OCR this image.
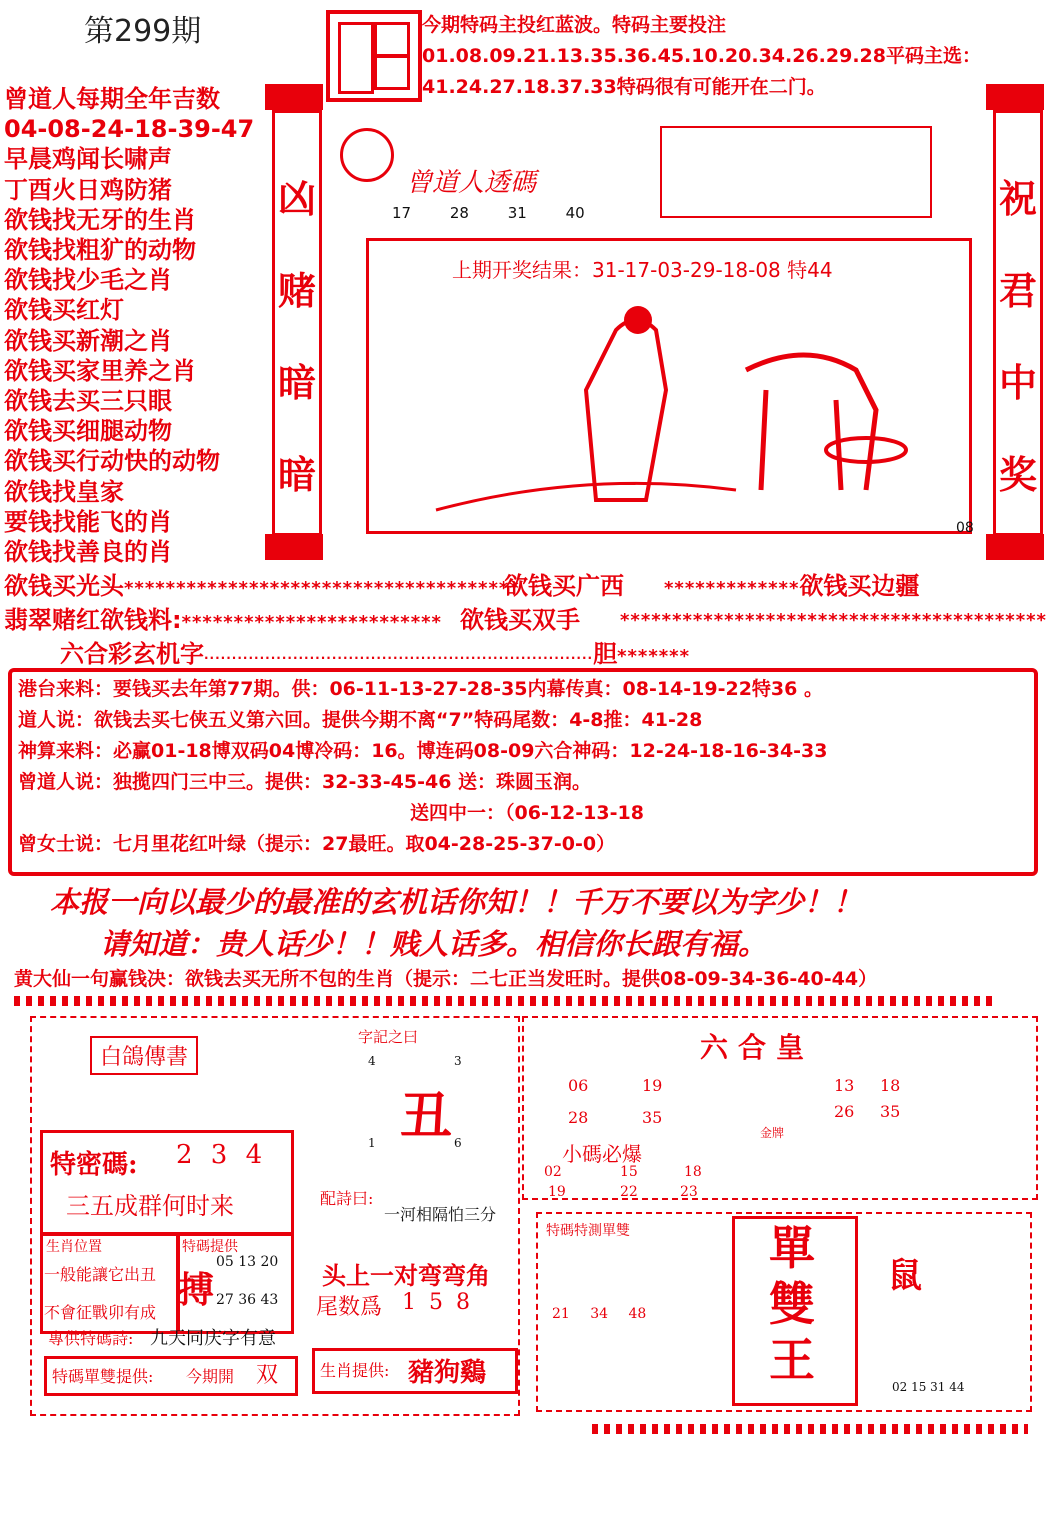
第299期	今期特码主投红蓝波。特码主要投注01.08.09.21.13.35.36.45.10.20.34.26.29.28平码主选：41.24.27.18.37.33特码很有可能开在二门。
曾道人每期全年吉数
04-08-24-18-39-47
早晨鸡闻长啸声
丁酉火日鸡防猪
欲钱找无牙的生肖
欲钱找粗犷的动物
欲钱找少毛之肖
欲钱买红灯
欲钱买新潮之肖
欲钱买家里养之肖
欲钱去买三只眼
欲钱买细腿动物
欲钱买行动快的动物
欲钱找皇家
要钱找能飞的肖
欲钱找善良的肖
凶
赌
暗
暗
祝
君
中
奖
曾道人透碼
17 28 31 40
08
上期开奖结果：31-17-03-29-18-08 特44
欲钱买光头**************************************
欲钱买广西 *************欲钱买边疆
翡翠赌红欲钱料:************************* 欲钱买双手 *****************************************
六合彩玄机字······································································胆*******
港台来料：要钱买去年第77期。供：06-11-13-27-28-35内幕传真：08-14-19-22特36 。
道人说：欲钱去买七侠五义第六回。提供今期不离“7”特码尾数：4-8推：41-28
神算来料：必赢01-18博双码04博冷码：16。博连码08-09六合神码：12-24-18-16-34-33
曾道人说：独揽四门三中三。提供：32-33-45-46 送：珠圆玉润。
送四中一：（06-12-13-18
曾女士说：七月里花红叶绿（提示：27最旺。取04-28-25-37-0-0）
本报一向以最少的最准的玄机话你知！！千万不要以为字少！！
请知道：贵人话少！！贱人话多。相信你长跟有福。
黄大仙一句赢钱决：欲钱去买无所不包的生肖（提示：二七正当发旺时。提供08-09-34-36-40-44）
白鴿傳書
特密碼: 2 3 4
三五成群何时来
生肖位置
一般能讓它出丑
不會征戰卯有成
特碼提供
搏
05 13 20
27 36 43
專供特碼詩: 九天同庆字有意
特碼單雙提供: 今期開 双
字記之曰
4	3
1	6
丑
配詩曰:
一河相隔怕三分
头上一对弯弯角
尾数爲 1 5 8
生肖提供: 豬狗鷄
六合皇
06	19
28	35
13 18
26 35
金牌
小碼必爆
02	15	18
19	22	23
特碼特測單雙
21 34 48
單
雙
王
鼠
02 15 31 44
